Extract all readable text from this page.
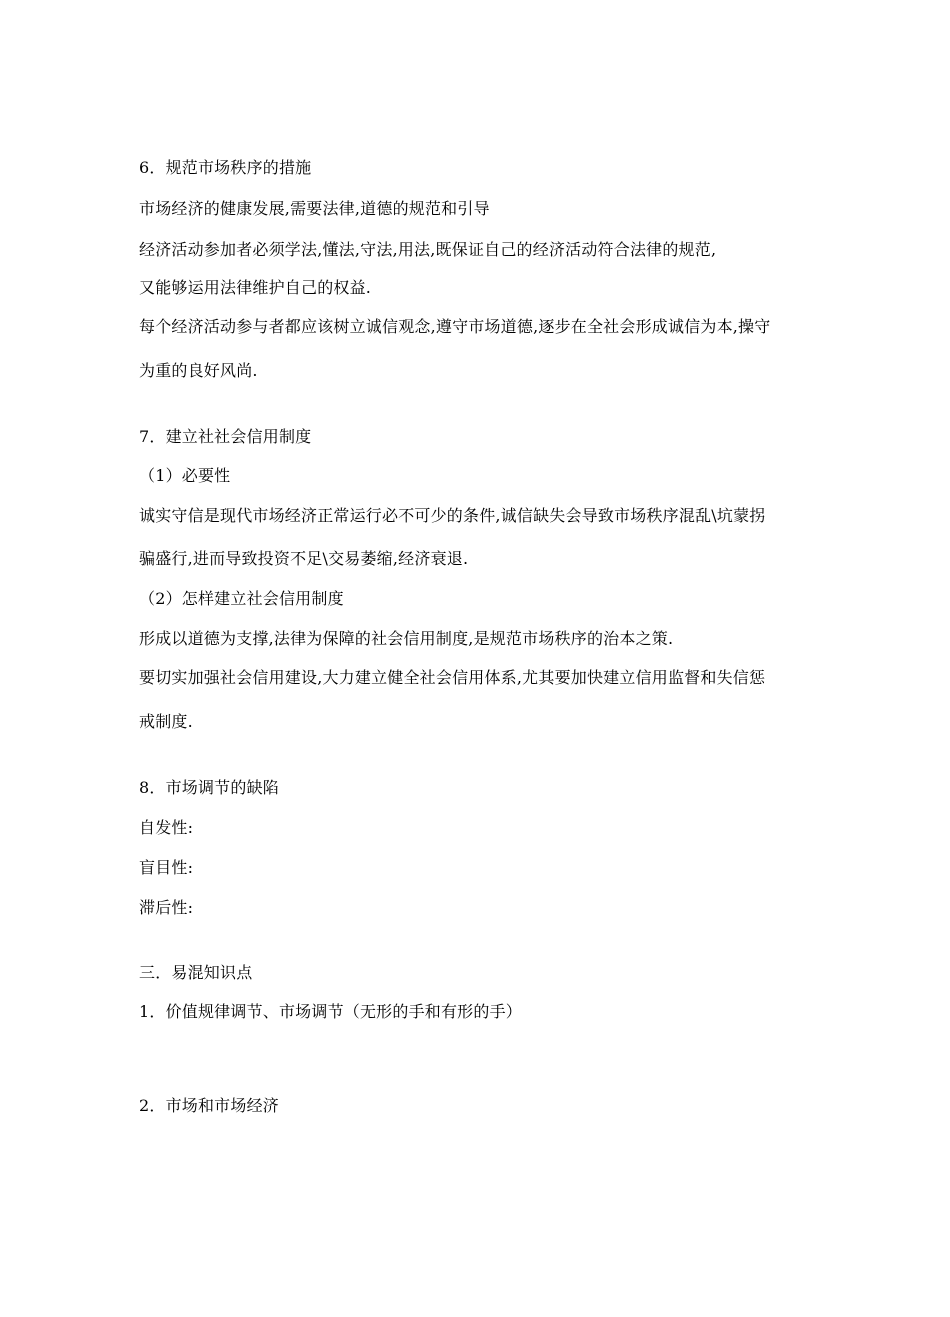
6．规范市场秩序的措施
市场经济的健康发展,需要法律,道德的规范和引导
经济活动参加者必须学法,懂法,守法,用法,既保证自己的经济活动符合法律的规范,
又能够运用法律维护自己的权益.
每个经济活动参与者都应该树立诚信观念,遵守市场道德,逐步在全社会形成诚信为本,操守
为重的良好风尚.
7．建立社社会信用制度
（1）必要性
诚实守信是现代市场经济正常运行必不可少的条件,诚信缺失会导致市场秩序混乱\坑蒙拐
骗盛行,进而导致投资不足\交易萎缩,经济衰退.
（2）怎样建立社会信用制度
形成以道德为支撑,法律为保障的社会信用制度,是规范市场秩序的治本之策.
要切实加强社会信用建设,大力建立健全社会信用体系,尤其要加快建立信用监督和失信惩
戒制度.
8．市场调节的缺陷
自发性:
盲目性:
滞后性:
三．易混知识点
1．价值规律调节、市场调节（无形的手和有形的手）
2．市场和市场经济
